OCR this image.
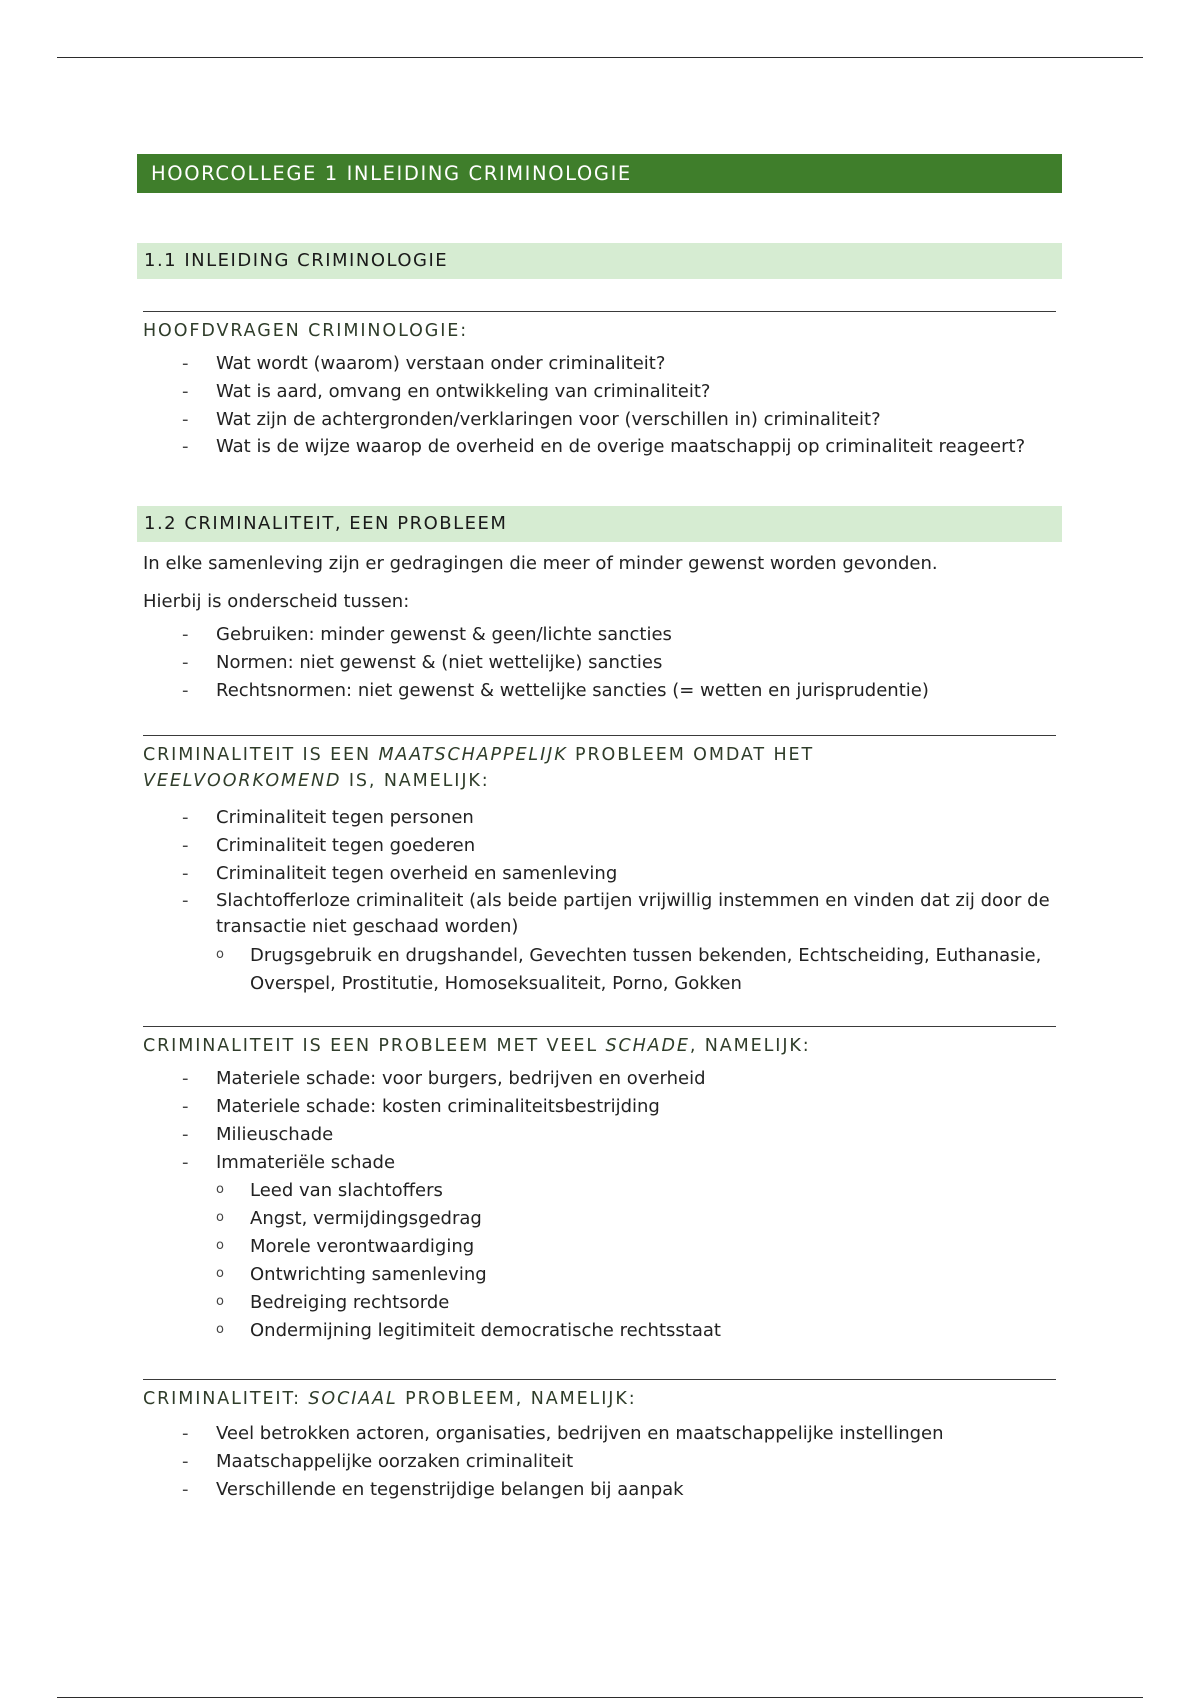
HOORCOLLEGE 1 INLEIDING CRIMINOLOGIE
1.1 INLEIDING CRIMINOLOGIE
HOOFDVRAGEN CRIMINOLOGIE:
- Wat wordt (waarom) verstaan onder criminaliteit?
- Wat is aard, omvang en ontwikkeling van criminaliteit?
- Wat zijn de achtergronden/verklaringen voor (verschillen in) criminaliteit?
- Wat is de wijze waarop de overheid en de overige maatschappij op criminaliteit reageert?
1.2 CRIMINALITEIT, EEN PROBLEEM

In elke samenleving zijn er gedragingen die meer of minder gewenst worden gevonden.

Hierbij is onderscheid tussen:

- Gebruiken: minder gewenst & geen/lichte sancties
- Normen: niet gewenst & (niet wettelijke) sancties
- Rechtsnormen: niet gewenst & wettelijke sancties (= wetten en jurisprudentie)
CRIMINALITEIT IS EEN MAATSCHAPPELIJK PROBLEEM OMDAT HET
VEELVOORKOMEND IS, NAMELIJK:
- Criminaliteit tegen personen
- Criminaliteit tegen goederen
- Criminaliteit tegen overheid en samenleving
- Slachtofferloze criminaliteit (als beide partijen vrijwillig instemmen en vinden dat zij door de transactie niet geschaad worden)
o Drugsgebruik en drugshandel, Gevechten tussen bekenden, Echtscheiding, Euthanasie, Overspel, Prostitutie, Homoseksualiteit, Porno, Gokken
CRIMINALITEIT IS EEN PROBLEEM MET VEEL SCHADE, NAMELIJK:
- Materiele schade: voor burgers, bedrijven en overheid
- Materiele schade: kosten criminaliteitsbestrijding
- Milieuschade
- Immateriële schade
o Leed van slachtoffers
o Angst, vermijdingsgedrag
o Morele verontwaardiging
o Ontwrichting samenleving
o Bedreiging rechtsorde
o Ondermijning legitimiteit democratische rechtsstaat
CRIMINALITEIT: SOCIAAL PROBLEEM, NAMELIJK:
- Veel betrokken actoren, organisaties, bedrijven en maatschappelijke instellingen
- Maatschappelijke oorzaken criminaliteit
- Verschillende en tegenstrijdige belangen bij aanpak
